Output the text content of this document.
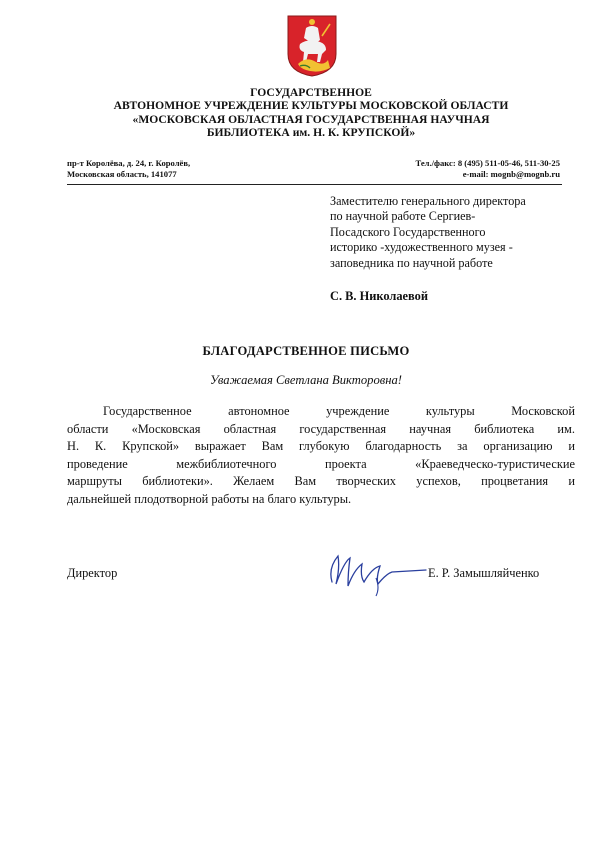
ГОСУДАРСТВЕННОЕ
АВТОНОМНОЕ УЧРЕЖДЕНИЕ КУЛЬТУРЫ МОСКОВСКОЙ ОБЛАСТИ
«МОСКОВСКАЯ ОБЛАСТНАЯ ГОСУДАРСТВЕННАЯ НАУЧНАЯ
БИБЛИОТЕКА им. Н. К. КРУПСКОЙ»
пр-т Королёва, д. 24, г. Королёв,
Московская область, 141077
Тел./факс: 8 (495) 511-05-46, 511-30-25
e-mail: mognb@mognb.ru
Заместителю генерального директора
по научной работе Сергиев-
Посадского Государственного
историко -художественного музея -
заповедника по научной работе
С. В. Николаевой
БЛАГОДАРСТВЕННОЕ ПИСЬМО
Уважаемая Светлана Викторовна!
Государственное автономное учреждение культуры Московской
области «Московская областная государственная научная библиотека им.
Н. К. Крупской» выражает Вам глубокую благодарность за организацию и
проведение межбиблиотечного проекта «Краеведческо-туристические
маршруты библиотеки». Желаем Вам творческих успехов, процветания и
дальнейшей плодотворной работы на благо культуры.
Директор	Е. Р. Замышляйченко
